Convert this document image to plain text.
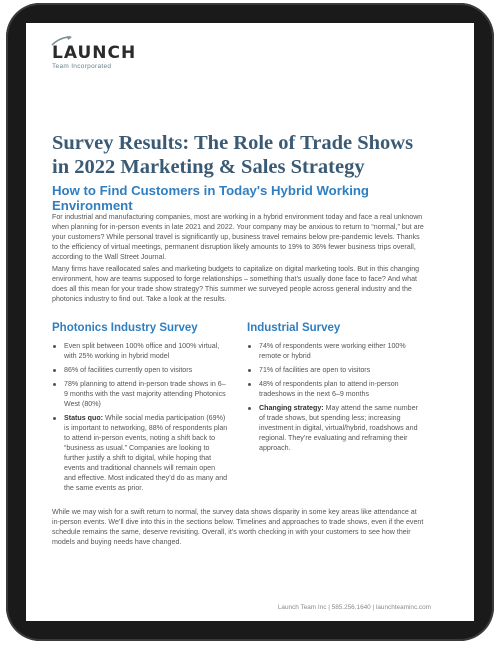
LAUNCH
Team Incorporated
Survey Results: The Role of Trade Shows in 2022 Marketing & Sales Strategy
How to Find Customers in Today's Hybrid Working Environment

For industrial and manufacturing companies, most are working in a hybrid environment today and face a real unknown when planning for in-person events in late 2021 and 2022. Your company may be anxious to return to “normal,” but are your customers? While personal travel is significantly up, business travel remains below pre-pandemic levels. Thanks to the efficiency of virtual meetings, permanent disruption likely amounts to 19% to 36% fewer business trips overall, according to the Wall Street Journal.

Many firms have reallocated sales and marketing budgets to capitalize on digital marketing tools. But in this changing environment, how are teams supposed to forge relationships – something that’s usually done face to face? And what does all this mean for your trade show strategy? This summer we surveyed people across general industry and the photonics industry to find out. Take a look at the results.

Photonics Industry Survey
Even split between 100% office and 100% virtual, with 25% working in hybrid model
86% of facilities currently open to visitors
78% planning to attend in-person trade shows in 6–9 months with the vast majority attending Photonics West (80%)
Status quo: While social media participation (69%) is important to networking, 88% of respondents plan to attend in-person events, noting a shift back to “business as usual.” Companies are looking to further justify a shift to digital, while hoping that events and traditional channels will remain open and effective. Most indicated they’d do as many and the same events as prior.
Industrial Survey
74% of respondents were working either 100% remote or hybrid
71% of facilities are open to visitors
48% of respondents plan to attend in-person tradeshows in the next 6–9 months
Changing strategy: May attend the same number of trade shows, but spending less; increasing investment in digital, virtual/hybrid, roadshows and regional. They’re evaluating and reframing their approach.

While we may wish for a swift return to normal, the survey data shows disparity in some key areas like attendance at in-person events. We’ll dive into this in the sections below. Timelines and approaches to trade shows, even if the event schedule remains the same, deserve revisiting. Overall, it’s worth checking in with your customers to see how their models and buying needs have changed.

Launch Team Inc | 585.256.1640 | launchteaminc.com
